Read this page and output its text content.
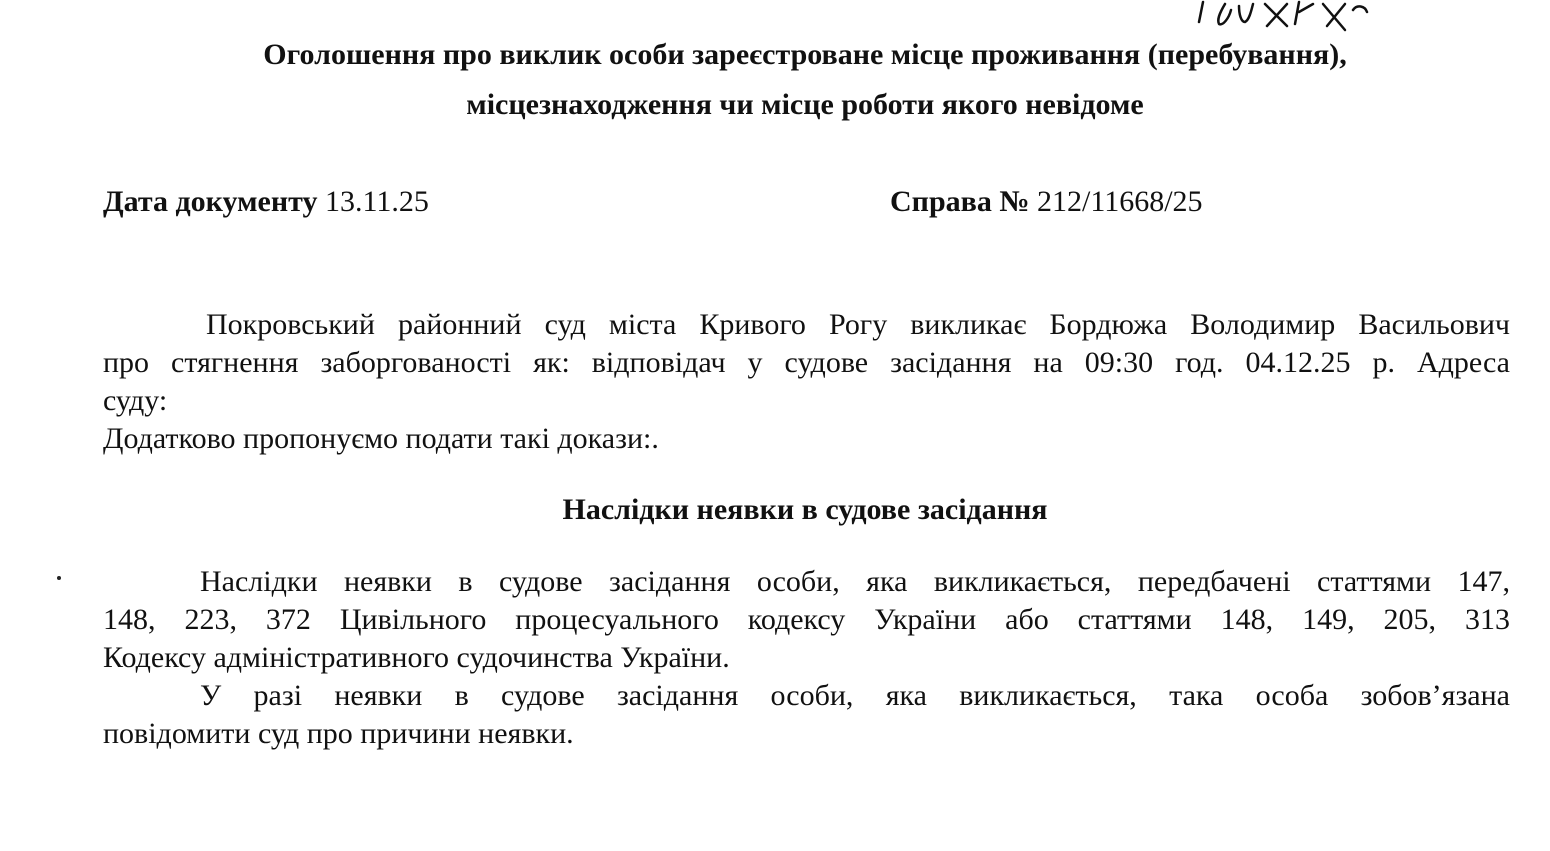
Оголошення про виклик особи зареєстроване місце проживання (перебування),
місцезнаходження чи місце роботи якого невідоме
Дата документу 13.11.25	Справа № 212/11668/25
Покровський районний суд міста Кривого Рогу викликає Бордюжа Володимир Васильович
про стягнення заборгованості як: відповідач у судове засідання на 09:30 год. 04.12.25 р. Адреса
суду:
Додатково пропонуємо подати такі докази:.
Наслідки неявки в судове засідання
Наслідки неявки в судове засідання особи, яка викликається, передбачені статтями 147,
148, 223, 372 Цивільного процесуального кодексу України або статтями 148, 149, 205, 313
Кодексу адміністративного судочинства України.
У разі неявки в судове засідання особи, яка викликається, така особа зобов’язана
повідомити суд про причини неявки.
